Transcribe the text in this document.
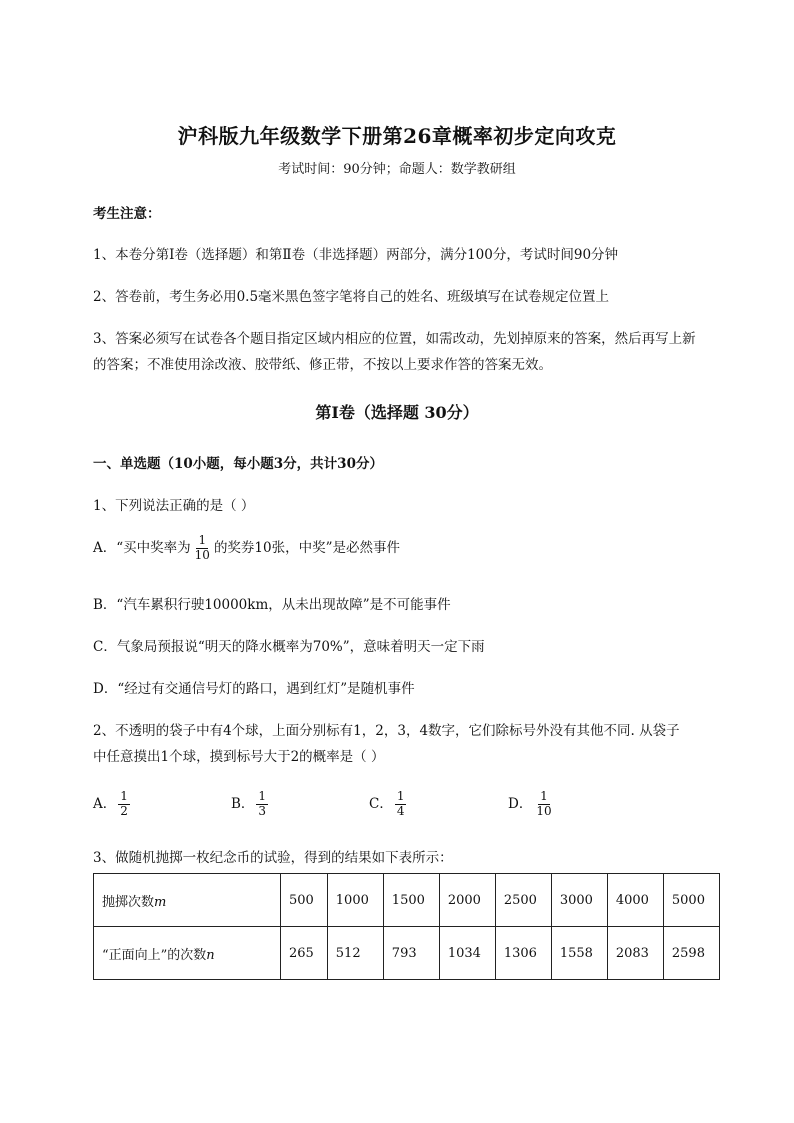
沪科版九年级数学下册第26章概率初步定向攻克
考试时间：90分钟；命题人：数学教研组
考生注意：
1、本卷分第I卷（选择题）和第Ⅱ卷（非选择题）两部分，满分100分，考试时间90分钟
2、答卷前，考生务必用0.5毫米黑色签字笔将自己的姓名、班级填写在试卷规定位置上
3、答案必须写在试卷各个题目指定区域内相应的位置，如需改动，先划掉原来的答案，然后再写上新
的答案；不准使用涂改液、胶带纸、修正带，不按以上要求作答的答案无效。
第I卷（选择题 30分）
一、单选题（10小题，每小题3分，共计30分）
1、下列说法正确的是（ ）
A．“买中奖率为 $\frac{1}{10}$ 的奖券10张，中奖”是必然事件
B．“汽车累积行驶10000km，从未出现故障”是不可能事件
C．气象局预报说“明天的降水概率为70%”，意味着明天一定下雨
D．“经过有交通信号灯的路口，遇到红灯”是随机事件
2、不透明的袋子中有4个球，上面分别标有1，2，3，4数字，它们除标号外没有其他不同. 从袋子
中任意摸出1个球，摸到标号大于2的概率是（ ）
A． $\frac{1}{2}$	B． $\frac{1}{3}$	C． $\frac{1}{4}$	D． $\frac{1}{10}$
3、做随机抛掷一枚纪念币的试验，得到的结果如下表所示：
抛掷次数m	500	1000	1500	2000	2500	3000	4000	5000
“正面向上”的次数n	265	512	793	1034	1306	1558	2083	2598
